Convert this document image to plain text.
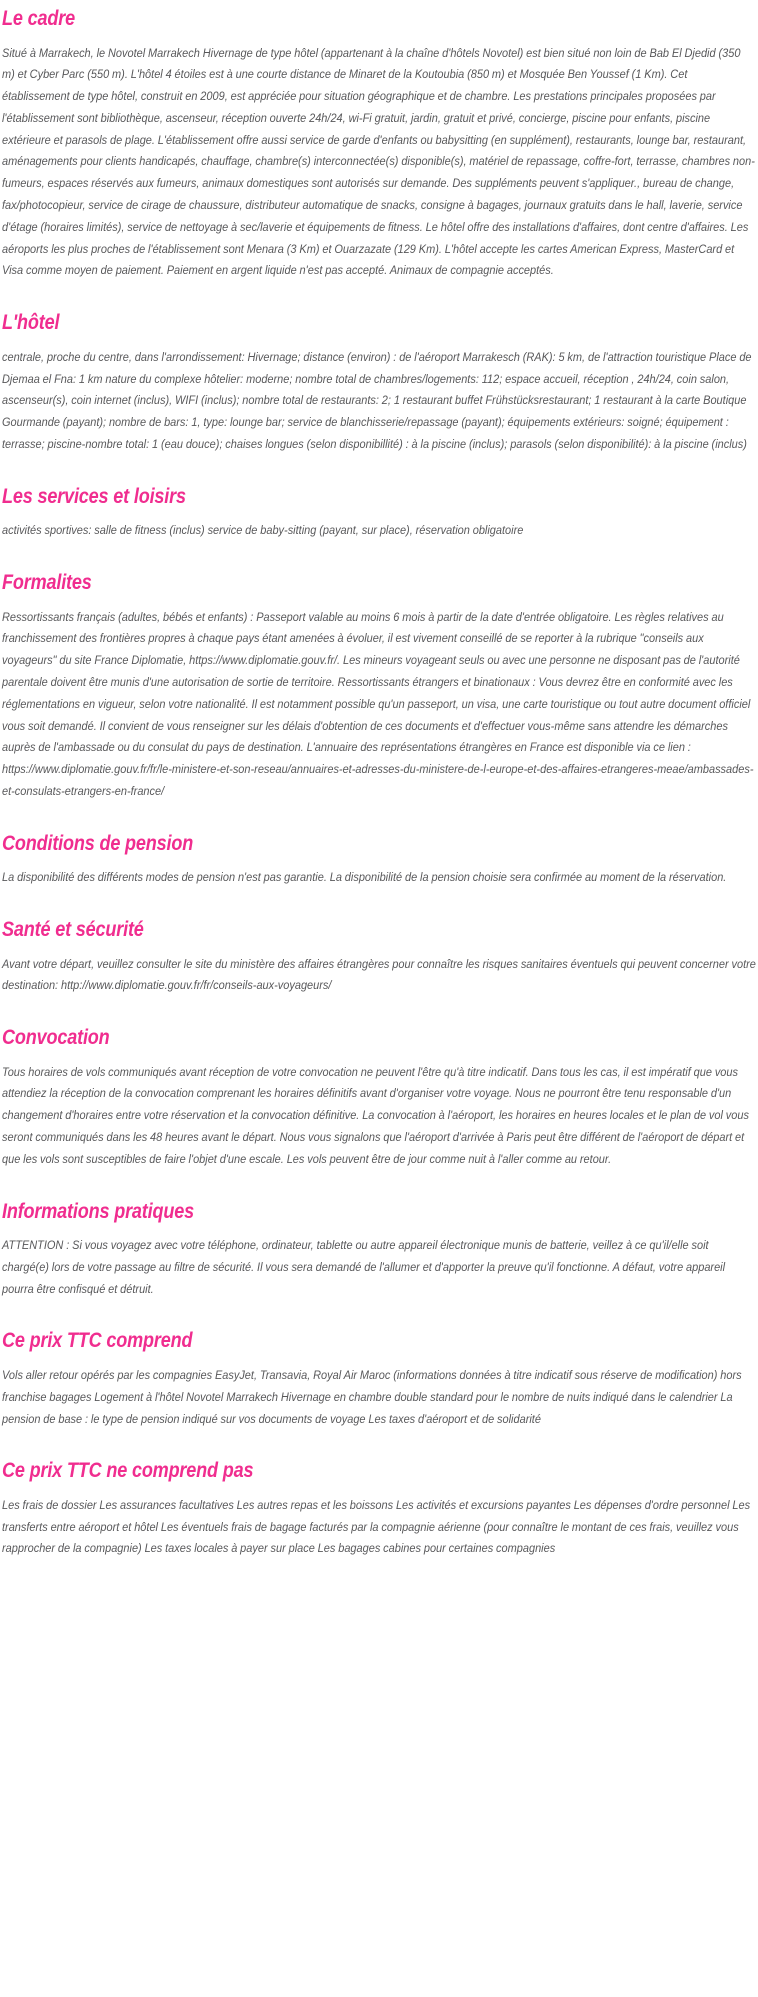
Le cadre

Situé à Marrakech, le Novotel Marrakech Hivernage de type hôtel (appartenant à la chaîne d'hôtels Novotel) est bien situé non loin de Bab El Djedid (350 m) et Cyber Parc (550 m). L'hôtel 4 étoiles est à une courte distance de Minaret de la Koutoubia (850 m) et Mosquée Ben Youssef (1 Km). Cet établissement de type hôtel, construit en 2009, est appréciée pour situation géographique et de chambre. Les prestations principales proposées par l'établissement sont bibliothèque, ascenseur, réception ouverte 24h/24, wi-Fi gratuit, jardin, gratuit et privé, concierge, piscine pour enfants, piscine extérieure et parasols de plage. L'établissement offre aussi service de garde d'enfants ou babysitting (en supplément), restaurants, lounge bar, restaurant, aménagements pour clients handicapés, chauffage, chambre(s) interconnectée(s) disponible(s), matériel de repassage, coffre-fort, terrasse, chambres non-fumeurs, espaces réservés aux fumeurs, animaux domestiques sont autorisés sur demande. Des suppléments peuvent s'appliquer., bureau de change, fax/photocopieur, service de cirage de chaussure, distributeur automatique de snacks, consigne à bagages, journaux gratuits dans le hall, laverie, service d'étage (horaires limités), service de nettoyage à sec/laverie et équipements de fitness. Le hôtel offre des installations d'affaires, dont centre d'affaires. Les aéroports les plus proches de l'établissement sont Menara (3 Km) et Ouarzazate (129 Km). L'hôtel accepte les cartes American Express, MasterCard et Visa comme moyen de paiement. Paiement en argent liquide n'est pas accepté. Animaux de compagnie acceptés.

L'hôtel

centrale, proche du centre, dans l'arrondissement: Hivernage; distance (environ) : de l'aéroport Marrakesch (RAK): 5 km, de l'attraction touristique Place de Djemaa el Fna: 1 km nature du complexe hôtelier: moderne; nombre total de chambres/logements: 112; espace accueil, réception , 24h/24, coin salon, ascenseur(s), coin internet (inclus), WIFI (inclus); nombre total de restaurants: 2; 1 restaurant buffet Frühstücksrestaurant; 1 restaurant à la carte Boutique Gourmande (payant); nombre de bars: 1, type: lounge bar; service de blanchisserie/repassage (payant); équipements extérieurs: soigné; équipement : terrasse; piscine-nombre total: 1 (eau douce); chaises longues (selon disponibillité) : à la piscine (inclus); parasols (selon disponibilité): à la piscine (inclus)

Les services et loisirs

activités sportives: salle de fitness (inclus) service de baby-sitting (payant, sur place), réservation obligatoire

Formalites

Ressortissants français (adultes, bébés et enfants) : Passeport valable au moins 6 mois à partir de la date d'entrée obligatoire. Les règles relatives au franchissement des frontières propres à chaque pays étant amenées à évoluer, il est vivement conseillé de se reporter à la rubrique "conseils aux voyageurs" du site France Diplomatie, https://www.diplomatie.gouv.fr/. Les mineurs voyageant seuls ou avec une personne ne disposant pas de l'autorité parentale doivent être munis d'une autorisation de sortie de territoire. Ressortissants étrangers et binationaux : Vous devrez être en conformité avec les réglementations en vigueur, selon votre nationalité. Il est notamment possible qu'un passeport, un visa, une carte touristique ou tout autre document officiel vous soit demandé. Il convient de vous renseigner sur les délais d'obtention de ces documents et d'effectuer vous-même sans attendre les démarches auprès de l'ambassade ou du consulat du pays de destination. L'annuaire des représentations étrangères en France est disponible via ce lien : https://www.diplomatie.gouv.fr/fr/le-ministere-et-son-reseau/annuaires-et-adresses-du-ministere-de-l-europe-et-des-affaires-etrangeres-meae/ambassades-et-consulats-etrangers-en-france/

Conditions de pension

La disponibilité des différents modes de pension n'est pas garantie. La disponibilité de la pension choisie sera confirmée au moment de la réservation.

Santé et sécurité

Avant votre départ, veuillez consulter le site du ministère des affaires étrangères pour connaître les risques sanitaires éventuels qui peuvent concerner votre destination: http://www.diplomatie.gouv.fr/fr/conseils-aux-voyageurs/

Convocation

Tous horaires de vols communiqués avant réception de votre convocation ne peuvent l'être qu'à titre indicatif. Dans tous les cas, il est impératif que vous attendiez la réception de la convocation comprenant les horaires définitifs avant d'organiser votre voyage. Nous ne pourront être tenu responsable d'un changement d'horaires entre votre réservation et la convocation définitive. La convocation à l'aéroport, les horaires en heures locales et le plan de vol vous seront communiqués dans les 48 heures avant le départ. Nous vous signalons que l'aéroport d'arrivée à Paris peut être différent de l'aéroport de départ et que les vols sont susceptibles de faire l'objet d'une escale. Les vols peuvent être de jour comme nuit à l'aller comme au retour.

Informations pratiques

ATTENTION : Si vous voyagez avec votre téléphone, ordinateur, tablette ou autre appareil électronique munis de batterie, veillez à ce qu'il/elle soit chargé(e) lors de votre passage au filtre de sécurité. Il vous sera demandé de l'allumer et d'apporter la preuve qu'il fonctionne. A défaut, votre appareil pourra être confisqué et détruit.

Ce prix TTC comprend

Vols aller retour opérés par les compagnies EasyJet, Transavia, Royal Air Maroc (informations données à titre indicatif sous réserve de modification) hors franchise bagages Logement à l'hôtel Novotel Marrakech Hivernage en chambre double standard pour le nombre de nuits indiqué dans le calendrier La pension de base : le type de pension indiqué sur vos documents de voyage Les taxes d'aéroport et de solidarité

Ce prix TTC ne comprend pas

Les frais de dossier Les assurances facultatives Les autres repas et les boissons Les activités et excursions payantes Les dépenses d'ordre personnel Les transferts entre aéroport et hôtel Les éventuels frais de bagage facturés par la compagnie aérienne (pour connaître le montant de ces frais, veuillez vous rapprocher de la compagnie) Les taxes locales à payer sur place Les bagages cabines pour certaines compagnies
